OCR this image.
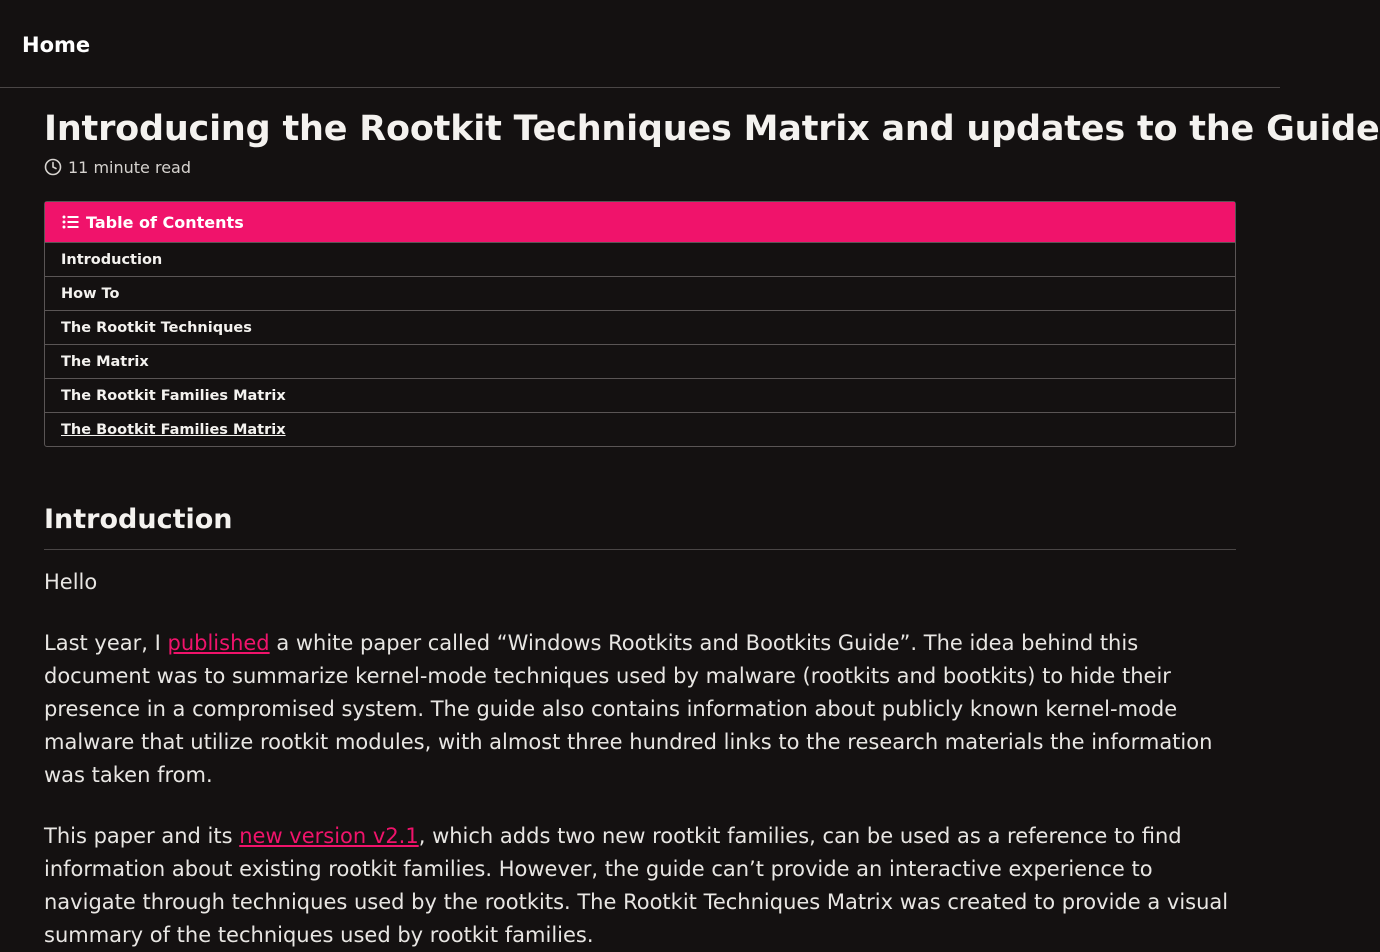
Home
Introducing the Rootkit Techniques Matrix and updates to the Guide
11 minute read
Table of Contents
Introduction
How To
The Rootkit Techniques
The Matrix
The Rootkit Families Matrix
The Bootkit Families Matrix
Introduction

Hello

Last year, I published a white paper called “Windows Rootkits and Bootkits Guide”. The idea behind this document was to summarize kernel-mode techniques used by malware (rootkits and bootkits) to hide their presence in a compromised system. The guide also contains information about publicly known kernel-mode malware that utilize rootkit modules, with almost three hundred links to the research materials the information was taken from.

This paper and its new version v2.1, which adds two new rootkit families, can be used as a reference to find information about existing rootkit families. However, the guide can’t provide an interactive experience to navigate through techniques used by the rootkits. The Rootkit Techniques Matrix was created to provide a visual summary of the techniques used by rootkit families.
